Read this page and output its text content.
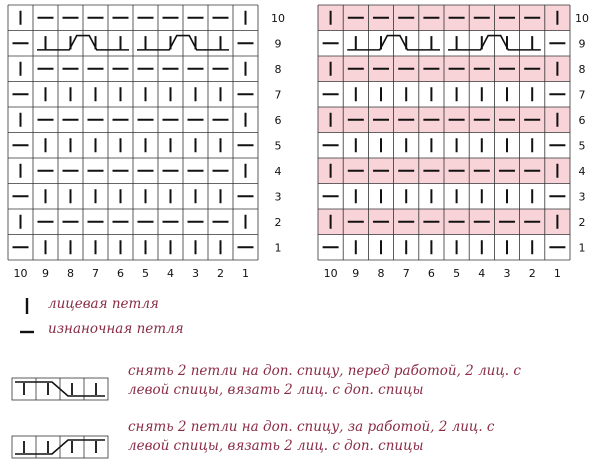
10
9
8
7
6
5
4
3
2
1
10 9 8 7 6 5 4 3 2 1
10
9
8
7
6
5
4
3
2
1
10 9 8 7 6 5 4 3 2 1
лицевая петля
изнаночная петля
снять 2 петли на доп. спицу, перед работой, 2 лиц. с
левой спицы, вязать 2 лиц. с доп. спицы
снять 2 петли на доп. спицу, за работой, 2 лиц. с
левой спицы, вязать 2 лиц. с доп. спицы
